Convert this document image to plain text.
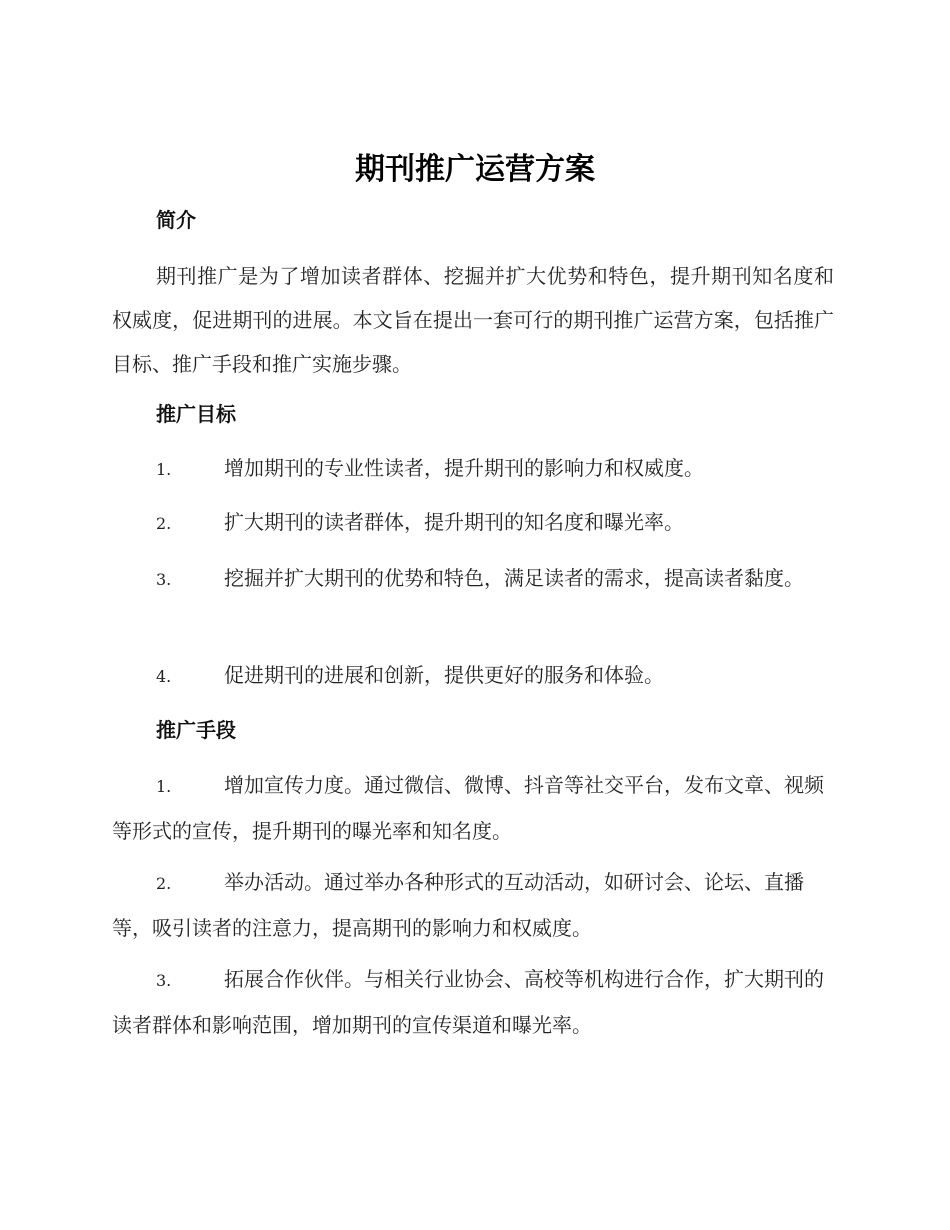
期刊推广运营方案
简介
期刊推广是为了增加读者群体、挖掘并扩大优势和特色，提升期刊知名度和权威度，促进期刊的进展。本文旨在提出一套可行的期刊推广运营方案，包括推广目标、推广手段和推广实施步骤。
推广目标
1.	增加期刊的专业性读者，提升期刊的影响力和权威度。
2.	扩大期刊的读者群体，提升期刊的知名度和曝光率。
3.	挖掘并扩大期刊的优势和特色，满足读者的需求，提高读者黏度。
4.	促进期刊的进展和创新，提供更好的服务和体验。
推广手段
1.	增加宣传力度。通过微信、微博、抖音等社交平台，发布文章、视频等形式的宣传，提升期刊的曝光率和知名度。
2.	举办活动。通过举办各种形式的互动活动，如研讨会、论坛、直播等，吸引读者的注意力，提高期刊的影响力和权威度。
3.	拓展合作伙伴。与相关行业协会、高校等机构进行合作，扩大期刊的读者群体和影响范围，增加期刊的宣传渠道和曝光率。
